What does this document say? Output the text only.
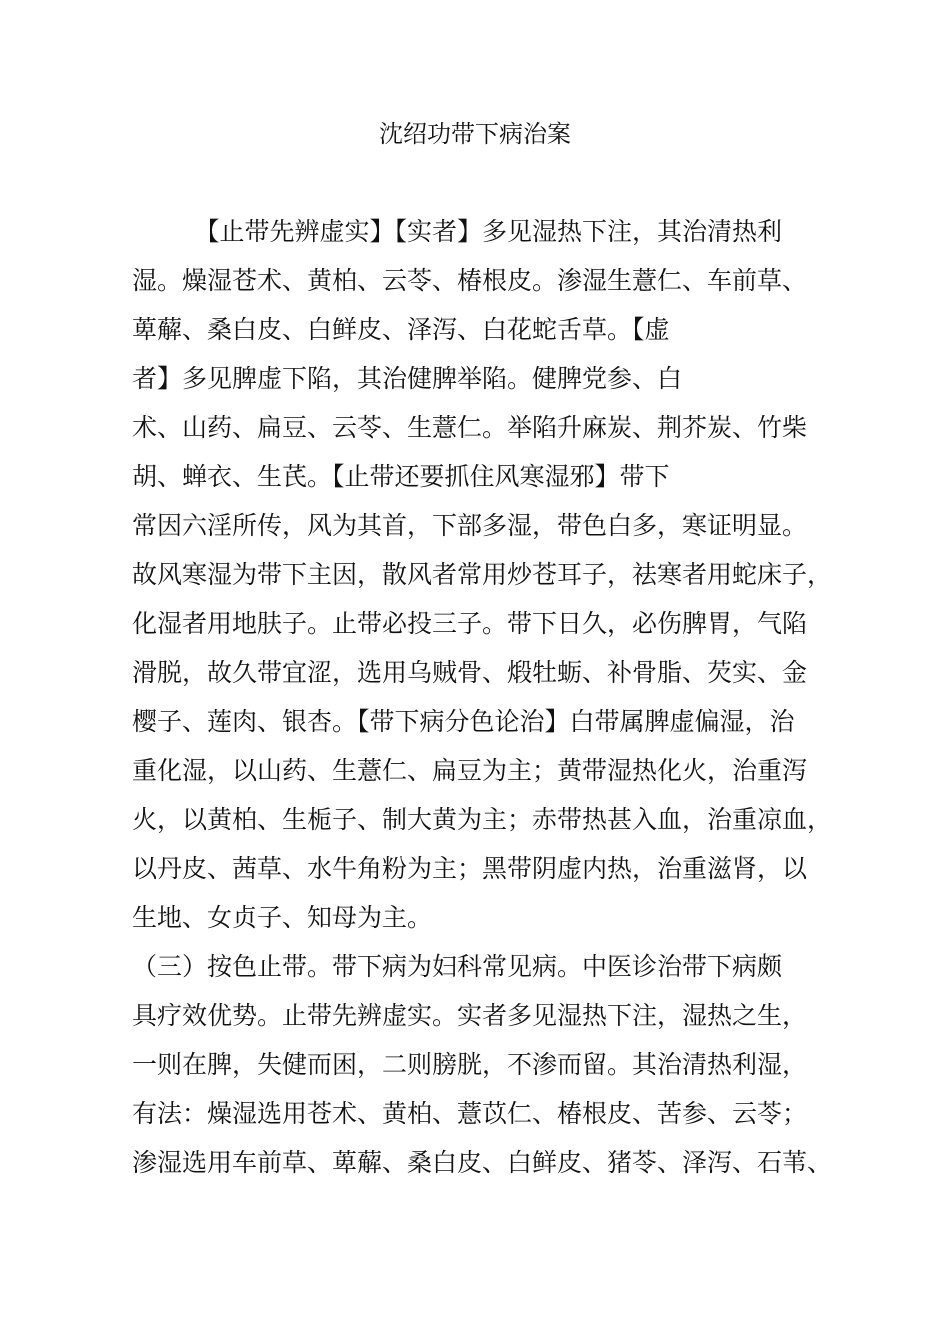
沈绍功带下病治案
　　　【止带先辨虚实】【实者】多见湿热下注，其治清热利
湿。燥湿苍术、黄柏、云苓、椿根皮。渗湿生薏仁、车前草、
萆薢、桑白皮、白鲜皮、泽泻、白花蛇舌草。【虚
者】多见脾虚下陷，其治健脾举陷。健脾党参、白
术、山药、扁豆、云苓、生薏仁。举陷升麻炭、荆芥炭、竹柴
胡、蝉衣、生芪。【止带还要抓住风寒湿邪】带下
常因六淫所传，风为其首，下部多湿，带色白多，寒证明显。
故风寒湿为带下主因，散风者常用炒苍耳子，祛寒者用蛇床子，
化湿者用地肤子。止带必投三子。带下日久，必伤脾胃，气陷
滑脱，故久带宜涩，选用乌贼骨、煅牡蛎、补骨脂、芡实、金
樱子、莲肉、银杏。【带下病分色论治】白带属脾虚偏湿，治
重化湿，以山药、生薏仁、扁豆为主；黄带湿热化火，治重泻
火，以黄柏、生栀子、制大黄为主；赤带热甚入血，治重凉血，
以丹皮、茜草、水牛角粉为主；黑带阴虚内热，治重滋肾，以
生地、女贞子、知母为主。
（三）按色止带。带下病为妇科常见病。中医诊治带下病颇
具疗效优势。止带先辨虚实。实者多见湿热下注，湿热之生，
一则在脾，失健而困，二则膀胱，不渗而留。其治清热利湿，
有法：燥湿选用苍术、黄柏、薏苡仁、椿根皮、苦参、云苓；
渗湿选用车前草、萆薢、桑白皮、白鲜皮、猪苓、泽泻、石苇、
